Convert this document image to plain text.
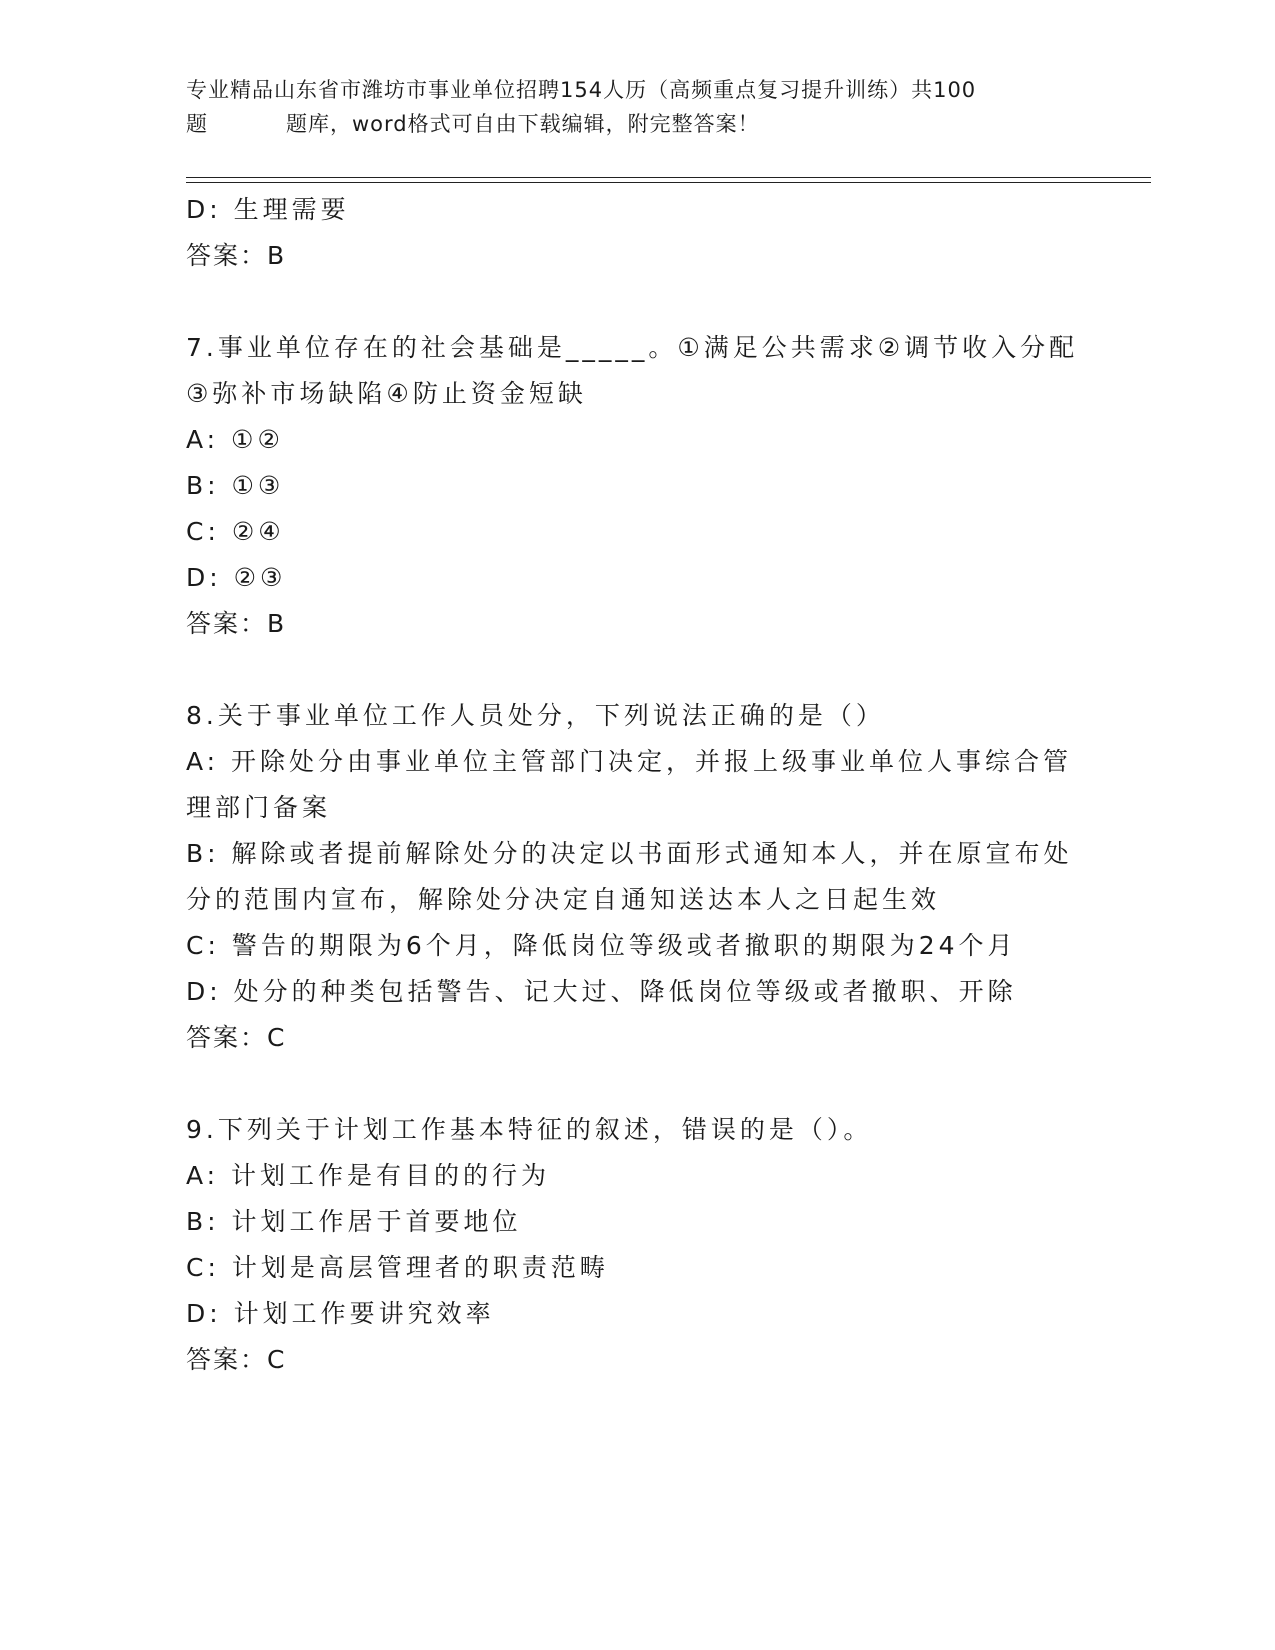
专业精品山东省市潍坊市事业单位招聘154人历（高频重点复习提升训练）共100
题	题库，word格式可自由下载编辑，附完整答案！
D: 生理需要
答案：B
7.事业单位存在的社会基础是_____。①满足公共需求②调节收入分配
③弥补市场缺陷④防止资金短缺
A: ①②
B: ①③
C: ②④
D: ②③
答案：B
8.关于事业单位工作人员处分，下列说法正确的是（）
A: 开除处分由事业单位主管部门决定，并报上级事业单位人事综合管
理部门备案
B: 解除或者提前解除处分的决定以书面形式通知本人，并在原宣布处
分的范围内宣布，解除处分决定自通知送达本人之日起生效
C: 警告的期限为6个月，降低岗位等级或者撤职的期限为24个月
D: 处分的种类包括警告、记大过、降低岗位等级或者撤职、开除
答案：C
9.下列关于计划工作基本特征的叙述，错误的是（）。
A: 计划工作是有目的的行为
B: 计划工作居于首要地位
C: 计划是高层管理者的职责范畴
D: 计划工作要讲究效率
答案：C
